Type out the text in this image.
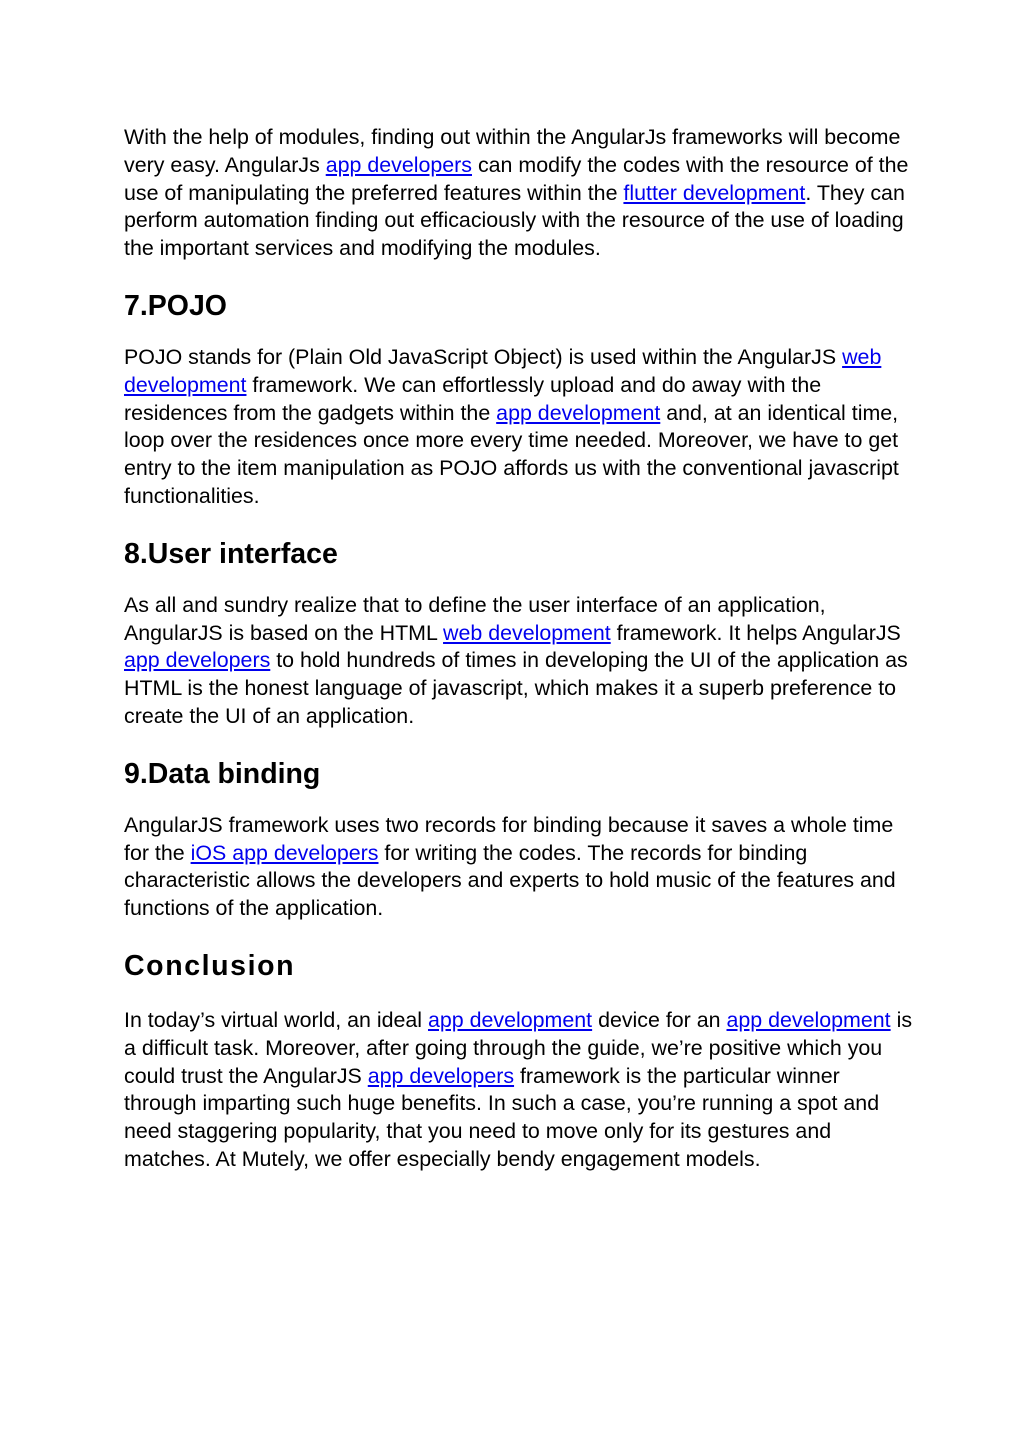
With the help of modules, finding out within the AngularJs frameworks will become very easy. AngularJs app developers can modify the codes with the resource of the use of manipulating the preferred features within the flutter development. They can perform automation finding out efficaciously with the resource of the use of loading the important services and modifying the modules.

7.POJO

POJO stands for (Plain Old JavaScript Object) is used within the AngularJS web development framework. We can effortlessly upload and do away with the residences from the gadgets within the app development and, at an identical time, loop over the residences once more every time needed. Moreover, we have to get entry to the item manipulation as POJO affords us with the conventional javascript functionalities.

8.User interface

As all and sundry realize that to define the user interface of an application, AngularJS is based on the HTML web development framework. It helps AngularJS app developers to hold hundreds of times in developing the UI of the application as HTML is the honest language of javascript, which makes it a superb preference to create the UI of an application.

9.Data binding

AngularJS framework uses two records for binding because it saves a whole time for the iOS app developers for writing the codes. The records for binding characteristic allows the developers and experts to hold music of the features and functions of the application.

Conclusion

In today’s virtual world, an ideal app development device for an app development is a difficult task. Moreover, after going through the guide, we’re positive which you could trust the AngularJS app developers framework is the particular winner through imparting such huge benefits. In such a case, you’re running a spot and need staggering popularity, that you need to move only for its gestures and matches. At Mutely, we offer especially bendy engagement models.
